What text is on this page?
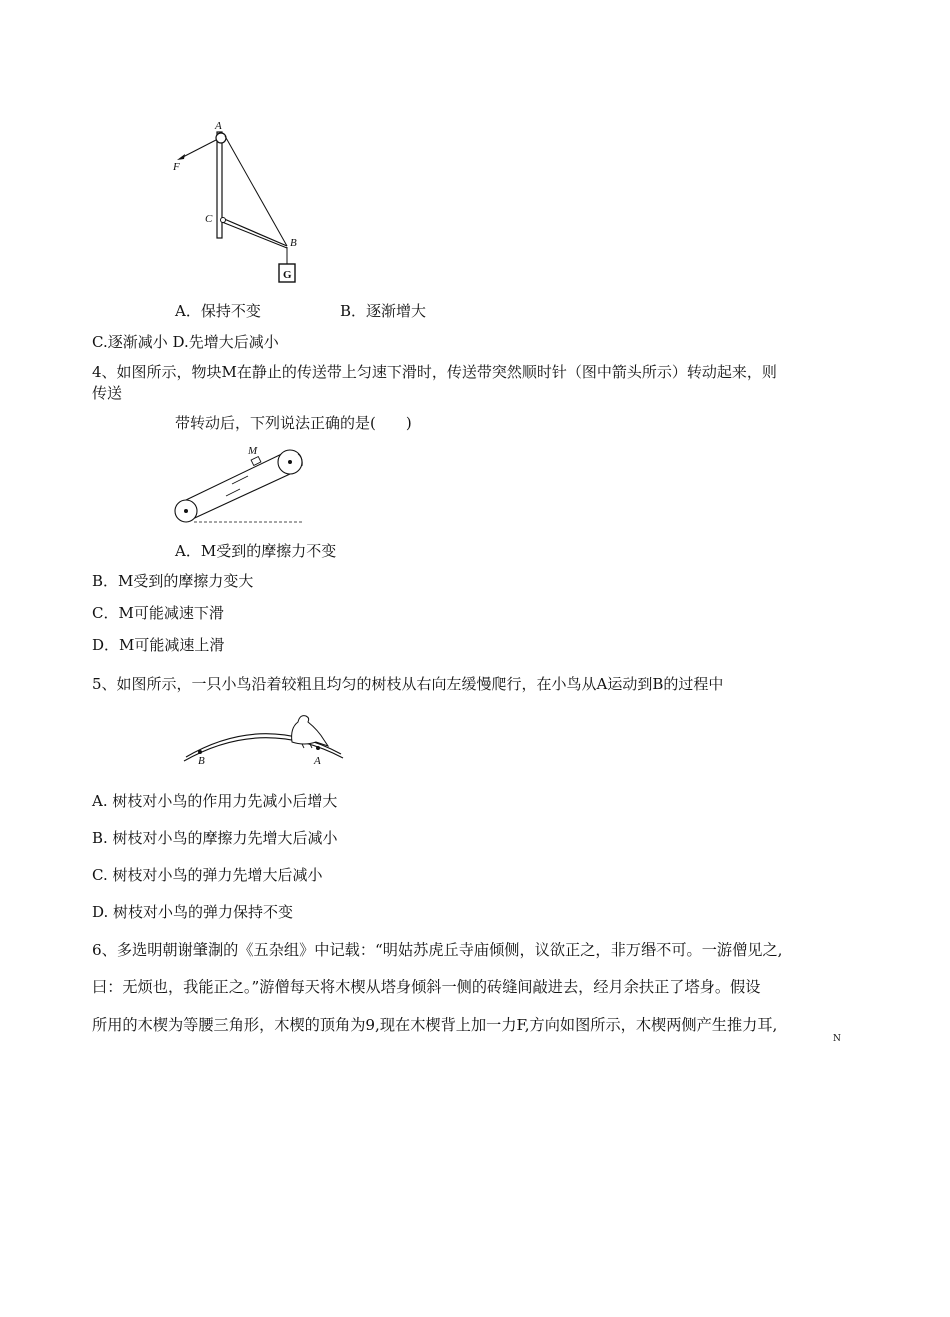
A
F
C
B
G
A．保持不变	B．逐渐增大
C.逐渐减小 D.先增大后减小
4、如图所示，物块M在静止的传送带上匀速下滑时，传送带突然顺时针（图中箭头所示）转动起来，则
传送
带转动后，下列说法正确的是(　　)
M
A．M受到的摩擦力不变
B．M受到的摩擦力变大
C．M可能减速下滑
D．M可能减速上滑
5、如图所示，一只小鸟沿着较粗且均匀的树枝从右向左缓慢爬行，在小鸟从A运动到B的过程中
B	A
A. 树枝对小鸟的作用力先减小后增大
B. 树枝对小鸟的摩擦力先增大后减小
C. 树枝对小鸟的弹力先增大后减小
D. 树枝对小鸟的弹力保持不变
6、多选明朝谢肇淛的《五杂组》中记载：“明姑苏虎丘寺庙倾侧，议欲正之，非万缗不可。一游僧见之,
曰：无烦也，我能正之。”游僧每天将木楔从塔身倾斜一侧的砖缝间敲进去，经月余扶正了塔身。假设
所用的木楔为等腰三角形，木楔的顶角为9,现在木楔背上加一力F,方向如图所示，木楔两侧产生推力耳,
N
